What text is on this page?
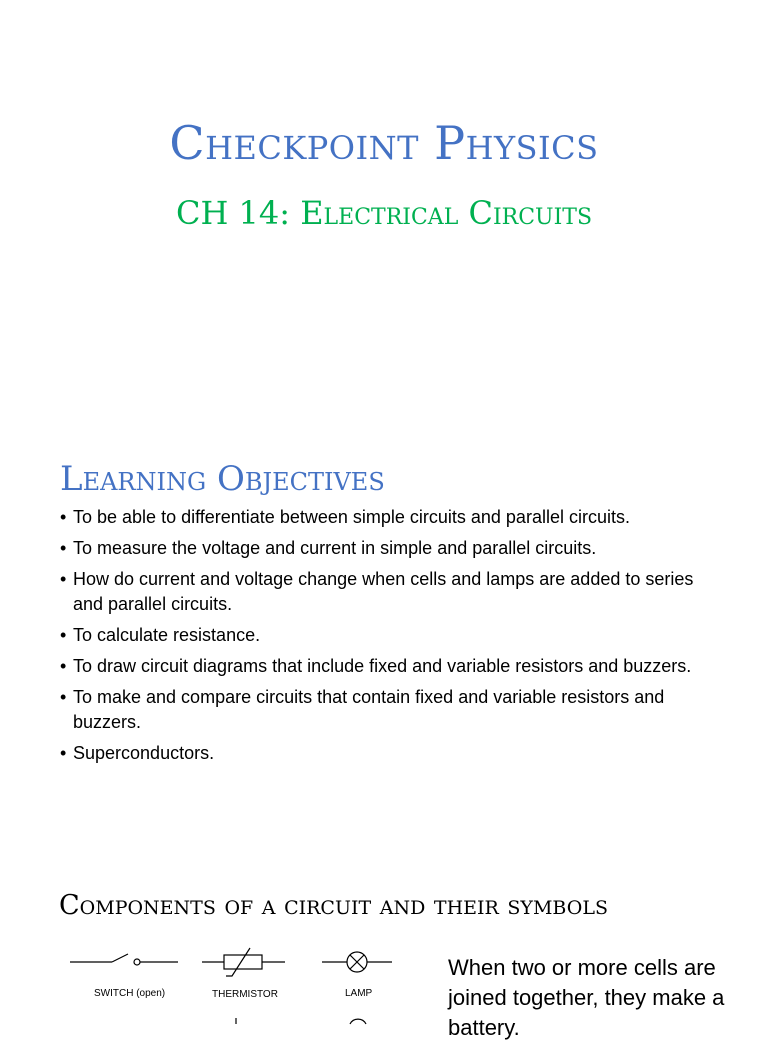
Checkpoint Physics
CH 14: Electrical Circuits
Learning Objectives
• To be able to differentiate between simple circuits and parallel circuits.
• To measure the voltage and current in simple and parallel circuits.
• How do current and voltage change when cells and lamps are added to series and parallel circuits.
• To calculate resistance.
• To draw circuit diagrams that include fixed and variable resistors and buzzers.
• To make and compare circuits that contain fixed and variable resistors and buzzers.
• Superconductors.
Components of a circuit and their symbols
SWITCH (open)	THERMISTOR	LAMP
When two or more cells are joined together, they make a battery.
